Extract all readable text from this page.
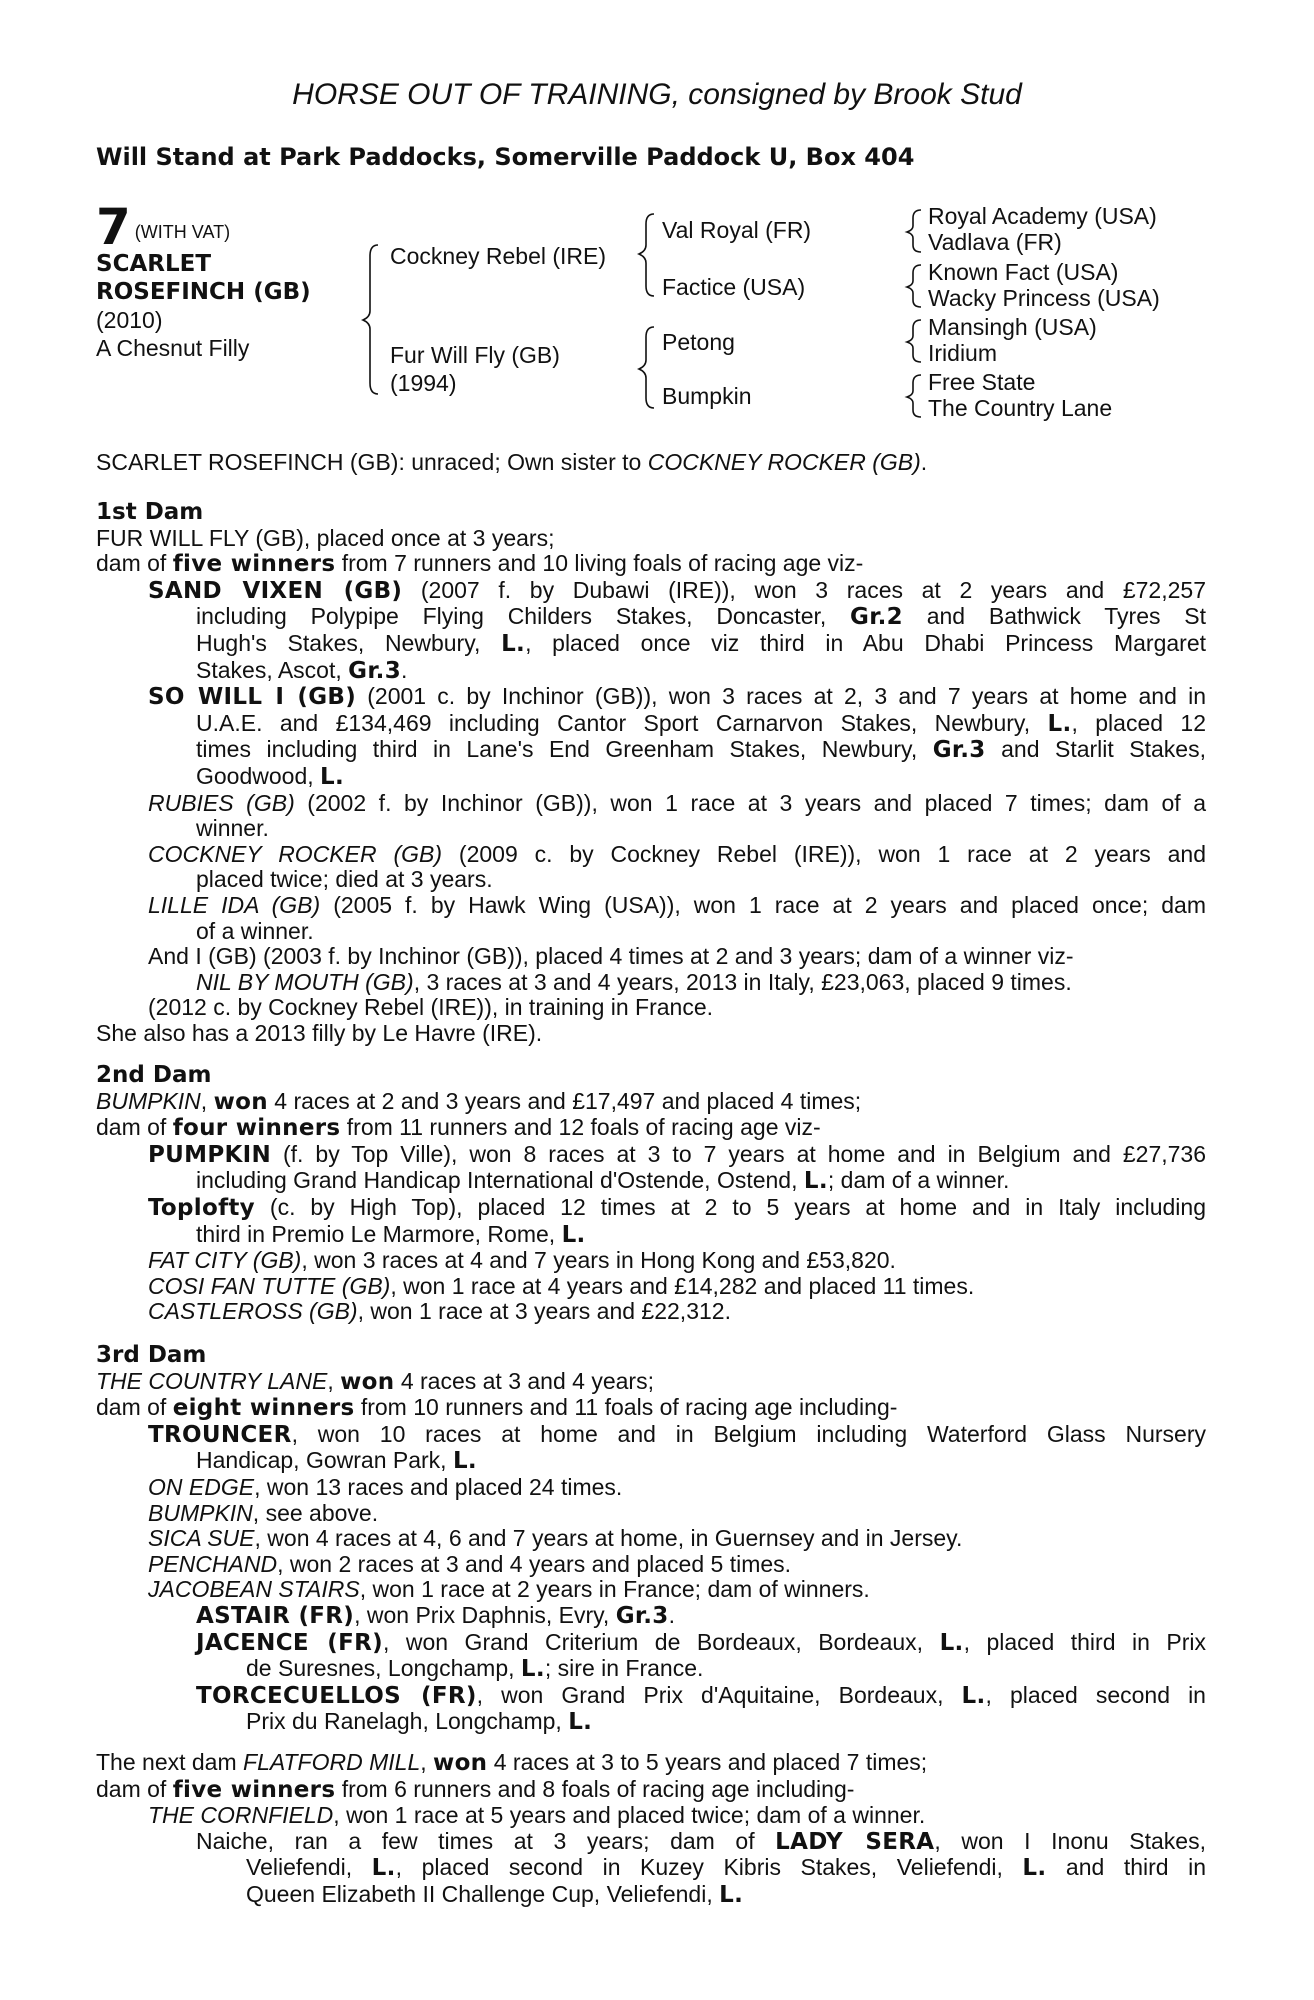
HORSE OUT OF TRAINING, consigned by Brook Stud
Will Stand at Park Paddocks, Somerville Paddock U, Box 404
7 $^{(WITH VAT)}$
SCARLET
ROSEFINCH (GB)
(2010)
A Chesnut Filly
Cockney Rebel (IRE)
Fur Will Fly (GB)
(1994)
Val Royal (FR)
Factice (USA)
Petong
Bumpkin
Royal Academy (USA)
Vadlava (FR)
Known Fact (USA)
Wacky Princess (USA)
Mansingh (USA)
Iridium
Free State
The Country Lane
SCARLET ROSEFINCH (GB): unraced; Own sister to COCKNEY ROCKER (GB).
1st Dam
FUR WILL FLY (GB), placed once at 3 years;
dam of five winners from 7 runners and 10 living foals of racing age viz-
SAND VIXEN (GB) (2007 f. by Dubawi (IRE)), won 3 races at 2 years and £72,257
including Polypipe Flying Childers Stakes, Doncaster, Gr.2 and Bathwick Tyres St
Hugh's Stakes, Newbury, L., placed once viz third in Abu Dhabi Princess Margaret
Stakes, Ascot, Gr.3.
SO WILL I (GB) (2001 c. by Inchinor (GB)), won 3 races at 2, 3 and 7 years at home and in
U.A.E. and £134,469 including Cantor Sport Carnarvon Stakes, Newbury, L., placed 12
times including third in Lane's End Greenham Stakes, Newbury, Gr.3 and Starlit Stakes,
Goodwood, L.
RUBIES (GB) (2002 f. by Inchinor (GB)), won 1 race at 3 years and placed 7 times; dam of a
winner.
COCKNEY ROCKER (GB) (2009 c. by Cockney Rebel (IRE)), won 1 race at 2 years and
placed twice; died at 3 years.
LILLE IDA (GB) (2005 f. by Hawk Wing (USA)), won 1 race at 2 years and placed once; dam
of a winner.
And I (GB) (2003 f. by Inchinor (GB)), placed 4 times at 2 and 3 years; dam of a winner viz-
NIL BY MOUTH (GB), 3 races at 3 and 4 years, 2013 in Italy, £23,063, placed 9 times.
(2012 c. by Cockney Rebel (IRE)), in training in France.
She also has a 2013 filly by Le Havre (IRE).
2nd Dam
BUMPKIN, won 4 races at 2 and 3 years and £17,497 and placed 4 times;
dam of four winners from 11 runners and 12 foals of racing age viz-
PUMPKIN (f. by Top Ville), won 8 races at 3 to 7 years at home and in Belgium and £27,736
including Grand Handicap International d'Ostende, Ostend, L.; dam of a winner.
Toplofty (c. by High Top), placed 12 times at 2 to 5 years at home and in Italy including
third in Premio Le Marmore, Rome, L.
FAT CITY (GB), won 3 races at 4 and 7 years in Hong Kong and £53,820.
COSI FAN TUTTE (GB), won 1 race at 4 years and £14,282 and placed 11 times.
CASTLEROSS (GB), won 1 race at 3 years and £22,312.
3rd Dam
THE COUNTRY LANE, won 4 races at 3 and 4 years;
dam of eight winners from 10 runners and 11 foals of racing age including-
TROUNCER, won 10 races at home and in Belgium including Waterford Glass Nursery
Handicap, Gowran Park, L.
ON EDGE, won 13 races and placed 24 times.
BUMPKIN, see above.
SICA SUE, won 4 races at 4, 6 and 7 years at home, in Guernsey and in Jersey.
PENCHAND, won 2 races at 3 and 4 years and placed 5 times.
JACOBEAN STAIRS, won 1 race at 2 years in France; dam of winners.
ASTAIR (FR), won Prix Daphnis, Evry, Gr.3.
JACENCE (FR), won Grand Criterium de Bordeaux, Bordeaux, L., placed third in Prix
de Suresnes, Longchamp, L.; sire in France.
TORCECUELLOS (FR), won Grand Prix d'Aquitaine, Bordeaux, L., placed second in
Prix du Ranelagh, Longchamp, L.
The next dam FLATFORD MILL, won 4 races at 3 to 5 years and placed 7 times;
dam of five winners from 6 runners and 8 foals of racing age including-
THE CORNFIELD, won 1 race at 5 years and placed twice; dam of a winner.
Naiche, ran a few times at 3 years; dam of LADY SERA, won I Inonu Stakes,
Veliefendi, L., placed second in Kuzey Kibris Stakes, Veliefendi, L. and third in
Queen Elizabeth II Challenge Cup, Veliefendi, L.
